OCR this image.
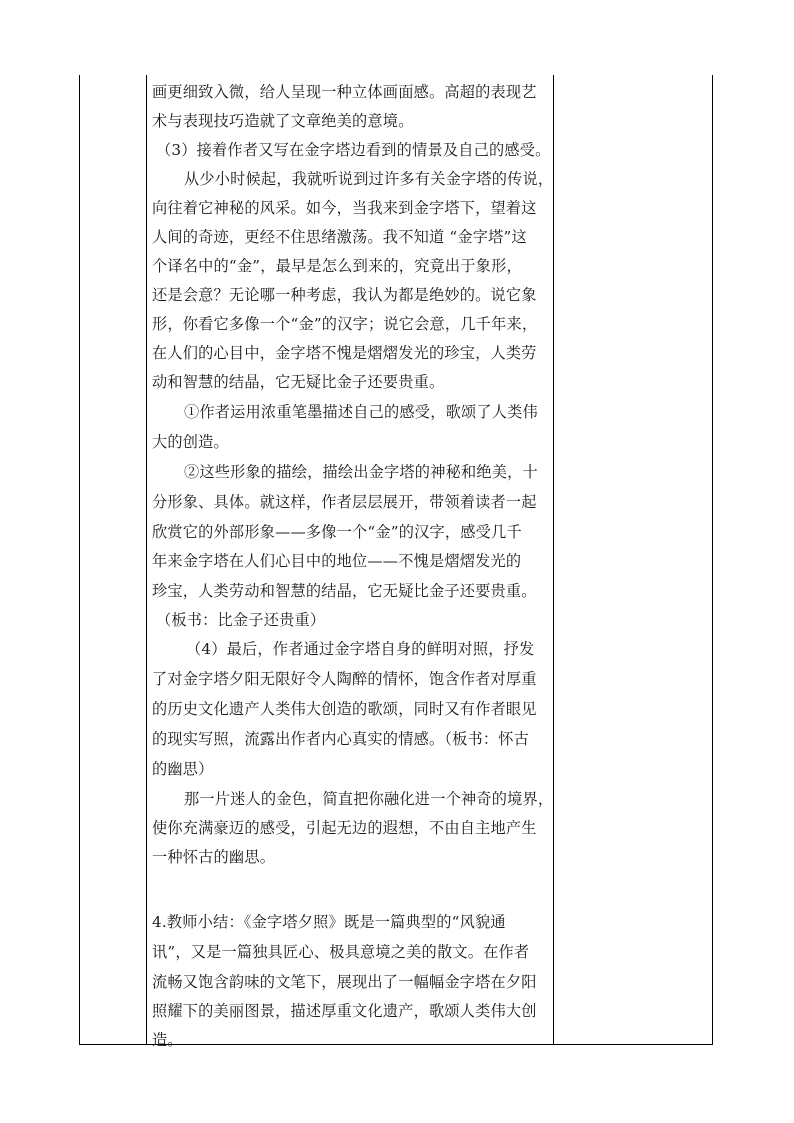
画更细致入微，给人呈现一种立体画面感。高超的表现艺
术与表现技巧造就了文章绝美的意境。
（3）接着作者又写在金字塔边看到的情景及自己的感受。
从少小时候起，我就听说到过许多有关金字塔的传说，
向往着它神秘的风采。如今，当我来到金字塔下，望着这
人间的奇迹，更经不住思绪激荡。我不知道 “金字塔”这
个译名中的“金”，最早是怎么到来的，究竟出于象形，
还是会意？无论哪一种考虑，我认为都是绝妙的。说它象
形，你看它多像一个“金”的汉字；说它会意，几千年来，
在人们的心目中，金字塔不愧是熠熠发光的珍宝，人类劳
动和智慧的结晶，它无疑比金子还要贵重。
①作者运用浓重笔墨描述自己的感受，歌颂了人类伟
大的创造。
②这些形象的描绘，描绘出金字塔的神秘和绝美，十
分形象、具体。就这样，作者层层展开，带领着读者一起
欣赏它的外部形象——多像一个“金”的汉字，感受几千
年来金字塔在人们心目中的地位——不愧是熠熠发光的
珍宝，人类劳动和智慧的结晶，它无疑比金子还要贵重。
（板书：比金子还贵重）
（4）最后，作者通过金字塔自身的鲜明对照，抒发
了对金字塔夕阳无限好令人陶醉的情怀，饱含作者对厚重
的历史文化遗产人类伟大创造的歌颂，同时又有作者眼见
的现实写照，流露出作者内心真实的情感。（板书：怀古
的幽思）
那一片迷人的金色，简直把你融化进一个神奇的境界，
使你充满豪迈的感受，引起无边的遐想，不由自主地产生
一种怀古的幽思。
4.教师小结：《金字塔夕照》既是一篇典型的“风貌通
讯”，又是一篇独具匠心、极具意境之美的散文。在作者
流畅又饱含韵味的文笔下，展现出了一幅幅金字塔在夕阳
照耀下的美丽图景，描述厚重文化遗产，歌颂人类伟大创
造。
